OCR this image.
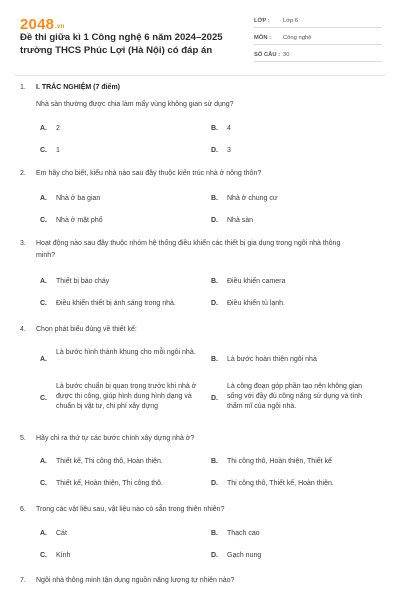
2048.vn
Đề thi giữa kì 1 Công nghệ 6 năm 2024–2025 trường THCS Phúc Lợi (Hà Nội) có đáp án
LỚP :	Lớp 6
MÔN :	Công nghệ
SỐ CÂU : 30
1. I. TRẮC NGHIỆM (7 điểm)
Nhà sàn thường được chia làm mấy vùng không gian sử dụng?
A. 2	B. 4
C. 1	D. 3
2. Em hãy cho biết, kiểu nhà nào sau đây thuộc kiến trúc nhà ở nông thôn?
A. Nhà ở ba gian	B. Nhà ở chung cư
C. Nhà ở mặt phố	D. Nhà sàn
3. Hoạt động nào sau đây thuộc nhóm hệ thống điều khiển các thiết bị gia dụng trong ngôi nhà thông minh?
A. Thiết bị báo cháy	B. Điều khiển camera
C. Điều khiển thiết bị ánh sáng trong nhà.	D. Điều khiển tủ lạnh.
4. Chọn phát biểu đúng về thiết kế:
A.
Là bước hình thành khung cho mỗi ngôi nhà.
B. Là bước hoàn thiện ngôi nhà
C.
Là bước chuẩn bị quan trọng trước khi nhà ở được thi công, giúp hình dung hình dạng và chuẩn bị vật tư, chi phí xây dựng
D.
Là công đoạn góp phần tạo nên không gian sống với đầy đủ công năng sử dụng và tính thẩm mĩ của ngôi nhà.
5. Hãy chỉ ra thứ tự các bước chính xây dựng nhà ở?
A. Thiết kế, Thi công thô, Hoàn thiện.	B. Thi công thô, Hoàn thiện, Thiết kế
C. Thiết kế, Hoàn thiện, Thi công thô.	D. Thi công thô, Thiết kế, Hoàn thiện.
6. Trong các vật liệu sau, vật liệu nào có sẵn trong thiên nhiên?
A. Cát	B. Thạch cao
C. Kính	D. Gạch nung
7. Ngôi nhà thông minh tận dụng nguồn năng lượng tự nhiên nào?
